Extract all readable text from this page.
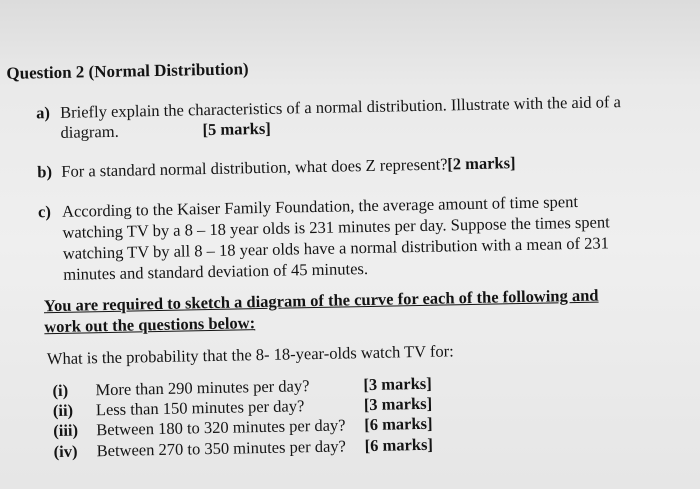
Question 2 (Normal Distribution)
a) Briefly explain the characteristics of a normal distribution. Illustrate with the aid of a
diagram.	[5 marks]
b) For a standard normal distribution, what does Z represent? [2 marks]
c) According to the Kaiser Family Foundation, the average amount of time spent
watching TV by a 8 – 18 year olds is 231 minutes per day. Suppose the times spent
watching TV by all 8 – 18 year olds have a normal distribution with a mean of 231
minutes and standard deviation of 45 minutes.
You are required to sketch a diagram of the curve for each of the following and
work out the questions below:
What is the probability that the 8- 18-year-olds watch TV for:
(i) More than 290 minutes per day?	[3 marks]
(ii) Less than 150 minutes per day?	[3 marks]
(iii) Between 180 to 320 minutes per day? [6 marks]
(iv) Between 270 to 350 minutes per day? [6 marks]
